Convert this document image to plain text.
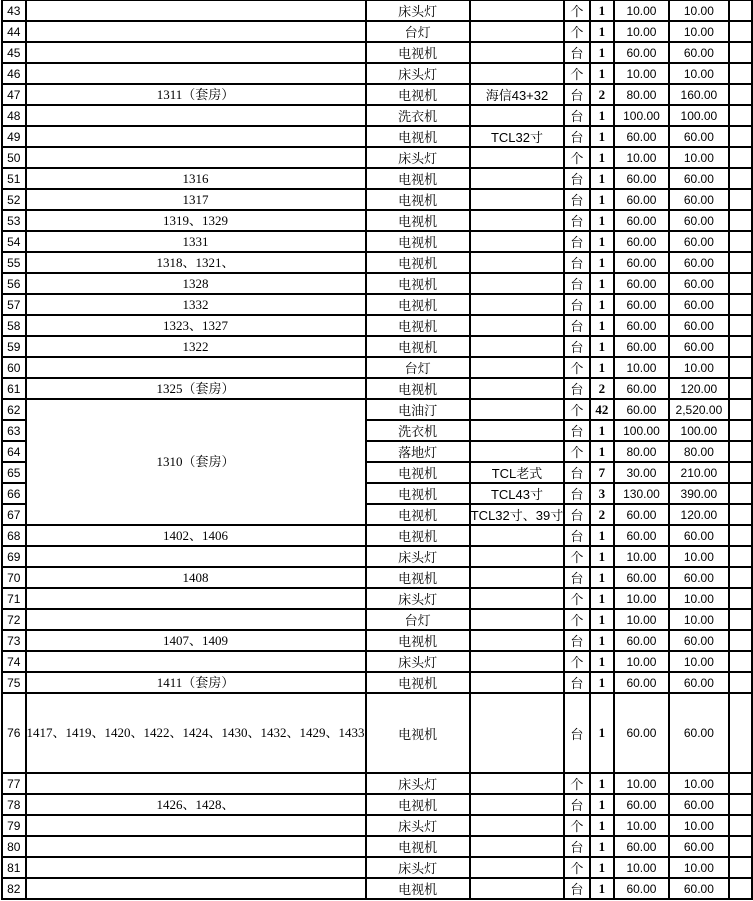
43		床头灯		个	1	10.00	10.00	
44		台灯		个	1	10.00	10.00	
45		电视机		台	1	60.00	60.00	
46		床头灯		个	1	10.00	10.00	
47	1311（套房）	电视机	海信43+32	台	2	80.00	160.00	
48		洗衣机		台	1	100.00	100.00	
49		电视机	TCL32寸	台	1	60.00	60.00	
50		床头灯		个	1	10.00	10.00	
51	1316	电视机		台	1	60.00	60.00	
52	1317	电视机		台	1	60.00	60.00	
53	1319、1329	电视机		台	1	60.00	60.00	
54	1331	电视机		台	1	60.00	60.00	
55	1318、1321、	电视机		台	1	60.00	60.00	
56	1328	电视机		台	1	60.00	60.00	
57	1332	电视机		台	1	60.00	60.00	
58	1323、1327	电视机		台	1	60.00	60.00	
59	1322	电视机		台	1	60.00	60.00	
60		台灯		个	1	10.00	10.00	
61	1325（套房）	电视机		台	2	60.00	120.00	
62	1310（套房）	电油汀		个	42	60.00	2,520.00	
63		洗衣机		台	1	100.00	100.00	
64		落地灯		个	1	80.00	80.00	
65		电视机	TCL老式	台	7	30.00	210.00	
66		电视机	TCL43寸	台	3	130.00	390.00	
67		电视机	TCL32寸、39寸	台	2	60.00	120.00	
68	1402、1406	电视机		台	1	60.00	60.00	
69		床头灯		个	1	10.00	10.00	
70	1408	电视机		台	1	60.00	60.00	
71		床头灯		个	1	10.00	10.00	
72		台灯		个	1	10.00	10.00	
73	1407、1409	电视机		台	1	60.00	60.00	
74		床头灯		个	1	10.00	10.00	
75	1411（套房）	电视机		台	1	60.00	60.00	
76	1417、1419、1420、1422、1424、1430、1432、1429、1433	电视机		台	1	60.00	60.00	
77		床头灯		个	1	10.00	10.00	
78	1426、1428、	电视机		台	1	60.00	60.00	
79		床头灯		个	1	10.00	10.00	
80		电视机		台	1	60.00	60.00	
81		床头灯		个	1	10.00	10.00	
82		电视机		台	1	60.00	60.00	
